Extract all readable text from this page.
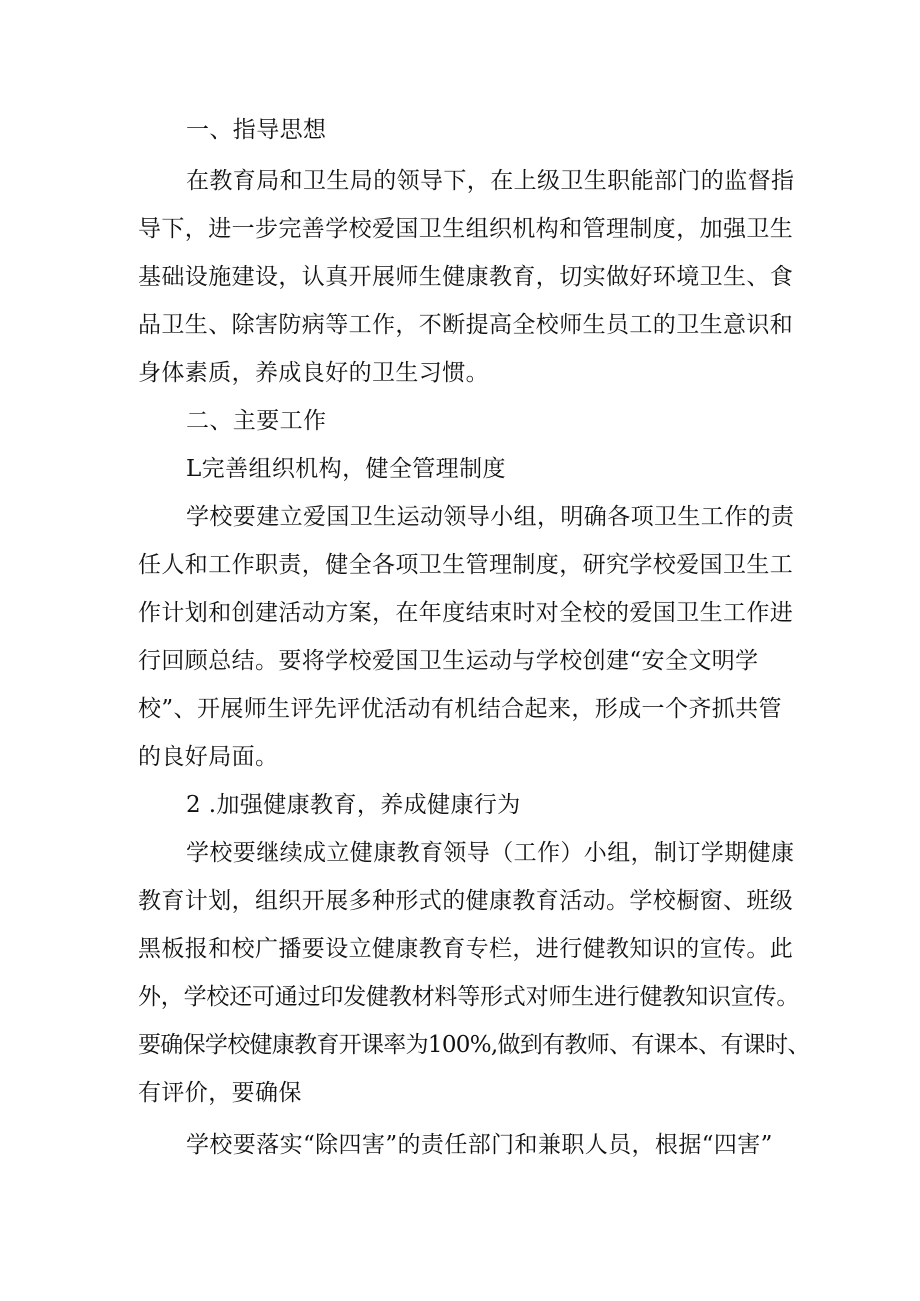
一、指导思想
在教育局和卫生局的领导下，在上级卫生职能部门的监督指
导下，进一步完善学校爱国卫生组织机构和管理制度，加强卫生
基础设施建设，认真开展师生健康教育，切实做好环境卫生、食
品卫生、除害防病等工作，不断提高全校师生员工的卫生意识和
身体素质，养成良好的卫生习惯。
二、主要工作
L完善组织机构，健全管理制度
学校要建立爱国卫生运动领导小组，明确各项卫生工作的责
任人和工作职责，健全各项卫生管理制度，研究学校爱国卫生工
作计划和创建活动方案，在年度结束时对全校的爱国卫生工作进
行回顾总结。要将学校爱国卫生运动与学校创建“安全文明学
校”、开展师生评先评优活动有机结合起来，形成一个齐抓共管
的良好局面。
2 .加强健康教育，养成健康行为
学校要继续成立健康教育领导（工作）小组，制订学期健康
教育计划，组织开展多种形式的健康教育活动。学校橱窗、班级
黑板报和校广播要设立健康教育专栏，进行健教知识的宣传。此
外，学校还可通过印发健教材料等形式对师生进行健教知识宣传。
要确保学校健康教育开课率为100%,做到有教师、有课本、有课时、
有评价，要确保
学校要落实“除四害”的责任部门和兼职人员，根据“四害”
